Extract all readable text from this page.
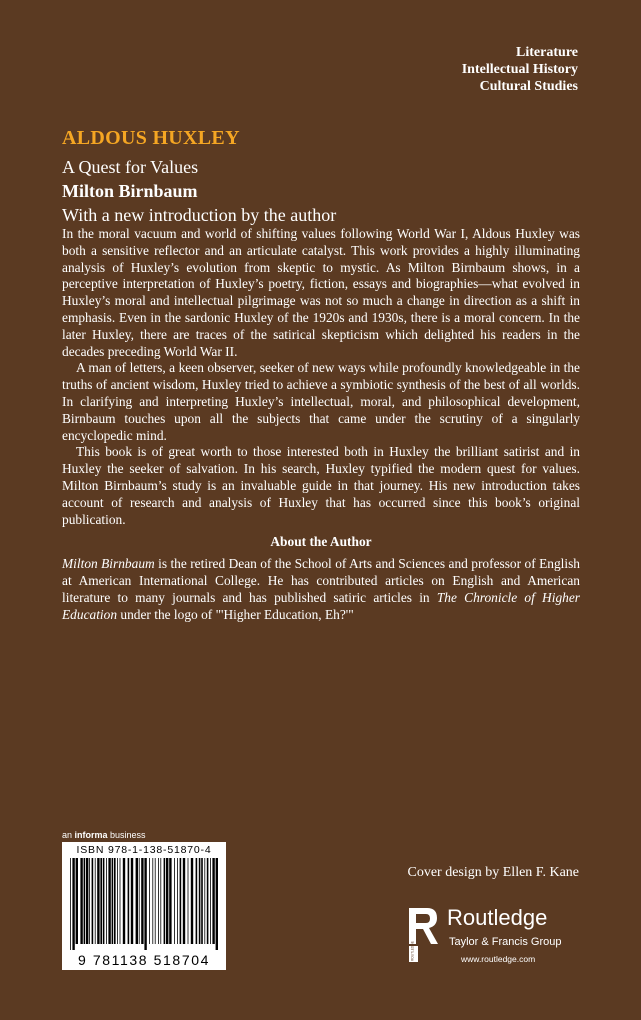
Literature
Intellectual History
Cultural Studies
ALDOUS HUXLEY
A Quest for Values
Milton Birnbaum
With a new introduction by the author

In the moral vacuum and world of shifting values following World War I, Aldous Huxley was both a sensitive reflector and an articulate catalyst. This work provides a highly illuminating analysis of Huxley’s evolution from skeptic to mystic. As Milton Birnbaum shows, in a perceptive interpretation of Huxley’s poetry, fiction, essays and biographies—what evolved in Huxley’s moral and intellectual pilgrimage was not so much a change in direction as a shift in emphasis. Even in the sardonic Huxley of the 1920s and 1930s, there is a moral concern. In the later Huxley, there are traces of the satirical skepticism which delighted his readers in the decades preceding World War II.

A man of letters, a keen observer, seeker of new ways while profoundly knowledgeable in the truths of ancient wisdom, Huxley tried to achieve a symbiotic synthesis of the best of all worlds. In clarifying and interpreting Huxley’s intellectual, moral, and philosophical development, Birnbaum touches upon all the subjects that came under the scrutiny of a singularly encyclopedic mind.

This book is of great worth to those interested both in Huxley the brilliant satirist and in Huxley the seeker of salvation. In his search, Huxley typified the modern quest for values. Milton Birnbaum’s study is an invaluable guide in that journey. His new introduction takes account of research and analysis of Huxley that has occurred since this book’s original publication.

About the Author

Milton Birnbaum is the retired Dean of the School of Arts and Sciences and professor of English at American International College. He has contributed articles on English and American literature to many journals and has published satiric articles in The Chronicle of Higher Education under the logo of "'Higher Education, Eh?'"

an informa business
ISBN 978-1-138-51870-4
9 781138 518704
Cover design by Ellen F. Kane
ROUTLEDGE
Routledge
Taylor & Francis Group
www.routledge.com
